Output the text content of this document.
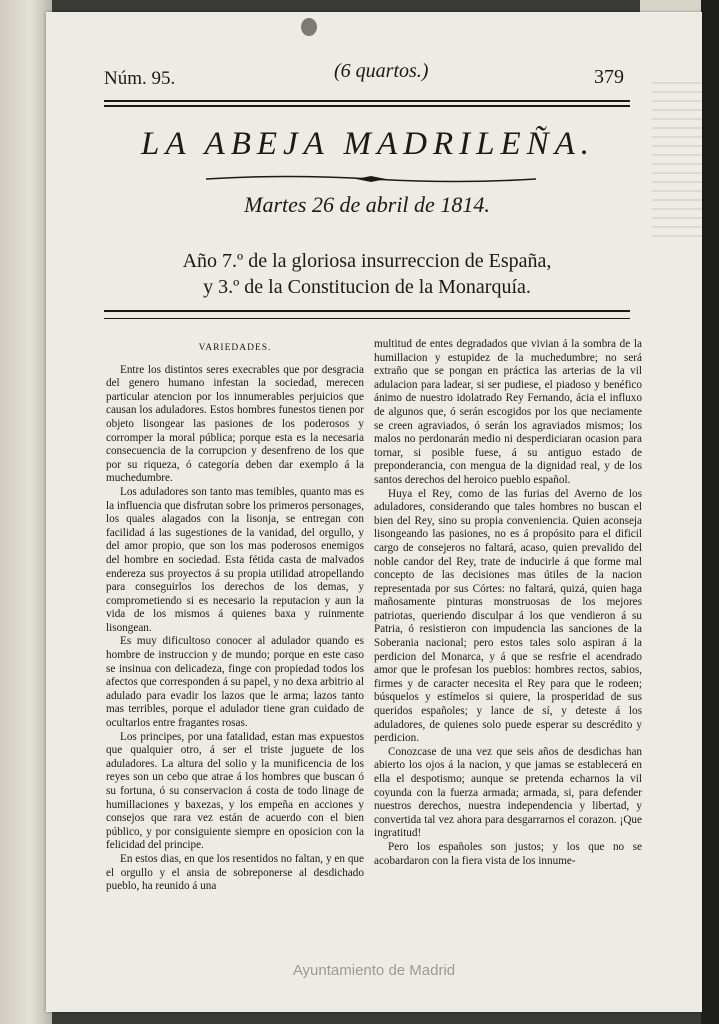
Núm. 95.	(6 quartos.)	379
LA ABEJA MADRILEÑA.
Martes 26 de abril de 1814.
Año 7.º de la gloriosa insurreccion de España,
y 3.º de la Constitucion de la Monarquía.
VARIEDADES.

Entre los distintos seres execrables que por desgracia del genero humano infestan la sociedad, merecen particular atencion por los innumerables perjuicios que causan los aduladores. Estos hombres funestos tienen por objeto lisongear las pasiones de los poderosos y corromper la moral pública; porque esta es la necesaria consecuencia de la corrupcion y desenfreno de los que por su riqueza, ó categoría deben dar exemplo á la muchedumbre.

Los aduladores son tanto mas temibles, quanto mas es la influencia que disfrutan sobre los primeros personages, los quales alagados con la lisonja, se entregan con facilidad á las sugestiones de la vanidad, del orgullo, y del amor propio, que son los mas poderosos enemigos del hombre en sociedad. Esta fétida casta de malvados endereza sus proyectos á su propia utilidad atropellando para conseguirlos los derechos de los demas, y comprometiendo si es necesario la reputacion y aun la vida de los mismos á quienes baxa y ruinmente lisongean.

Es muy dificultoso conocer al adulador quando es hombre de instruccion y de mundo; porque en este caso se insinua con delicadeza, finge con propiedad todos los afectos que corresponden á su papel, y no dexa arbitrio al adulado para evadir los lazos que le arma; lazos tanto mas terribles, porque el adulador tiene gran cuidado de ocultarlos entre fragantes rosas.

Los principes, por una fatalidad, estan mas expuestos que qualquier otro, á ser el triste juguete de los aduladores. La altura del solio y la munificencia de los reyes son un cebo que atrae á los hombres que buscan ó su fortuna, ó su conservacion á costa de todo linage de humillaciones y baxezas, y los empeña en acciones y consejos que rara vez están de acuerdo con el bien público, y por consiguiente siempre en oposicion con la felicidad del principe.

En estos dias, en que los resentidos no faltan, y en que el orgullo y el ansia de sobreponerse al desdichado pueblo, ha reunido á una

multitud de entes degradados que vivian á la sombra de la humillacion y estupidez de la muchedumbre; no será extraño que se pongan en práctica las arterias de la vil adulacion para ladear, si ser pudiese, el piadoso y benéfico ánimo de nuestro idolatrado Rey Fernando, ácia el influxo de algunos que, ó serán escogidos por los que neciamente se creen agraviados, ó serán los agraviados mismos; los malos no perdonarán medio ni desperdiciaran ocasion para tornar, si posible fuese, á su antiguo estado de preponderancia, con mengua de la dignidad real, y de los santos derechos del heroico pueblo español.

Huya el Rey, como de las furias del Averno de los aduladores, considerando que tales hombres no buscan el bien del Rey, sino su propia conveniencia. Quien aconseja lisongeando las pasiones, no es á propósito para el dificil cargo de consejeros no faltará, acaso, quien prevalido del noble candor del Rey, trate de inducirle á que forme mal concepto de las decisiones mas útiles de la nacion representada por sus Córtes: no faltará, quizá, quien haga mañosamente pinturas monstruosas de los mejores patriotas, queriendo disculpar á los que vendieron á su Patria, ó resistieron con impudencia las sanciones de la Soberania nacional; pero estos tales solo aspiran á la perdicion del Monarca, y á que se resfrie el acendrado amor que le profesan los pueblos: hombres rectos, sabios, firmes y de caracter necesita el Rey para que le rodeen; búsquelos y estímelos si quiere, la prosperidad de sus queridos españoles; y lance de sí, y deteste á los aduladores, de quienes solo puede esperar su descrédito y perdicion.

Conozcase de una vez que seis años de desdichas han abierto los ojos á la nacion, y que jamas se establecerá en ella el despotismo; aunque se pretenda echarnos la vil coyunda con la fuerza armada; armada, si, para defender nuestros derechos, nuestra independencia y libertad, y convertida tal vez ahora para desgarrarnos el corazon. ¡Que ingratitud!

Pero los españoles son justos; y los que no se acobardaron con la fiera vista de los innume-

Ayuntamiento de Madrid
